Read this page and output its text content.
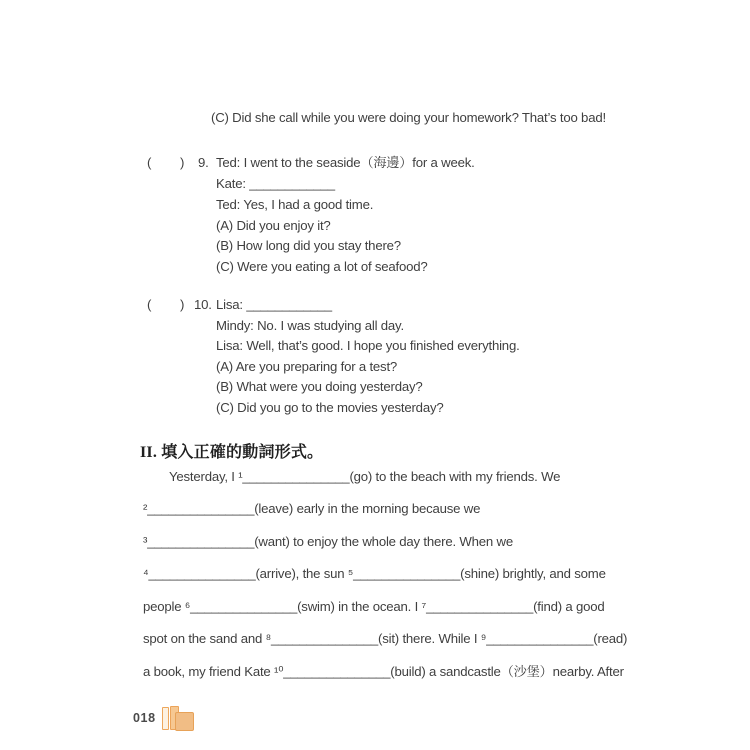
(C) Did she call while you were doing your homework? That’s too bad!
( ) 9. Ted: I went to the seaside（海邊）for a week.
Kate: ____________
Ted: Yes, I had a good time.
(A) Did you enjoy it?
(B) How long did you stay there?
(C) Were you eating a lot of seafood?
( ) 10. Lisa: ____________
Mindy: No. I was studying all day.
Lisa: Well, that’s good. I hope you finished everything.
(A) Are you preparing for a test?
(B) What were you doing yesterday?
(C) Did you go to the movies yesterday?
II. 填入正確的動詞形式。
Yesterday, I ¹_______________(go) to the beach with my friends. We
²_______________(leave) early in the morning because we
³_______________(want) to enjoy the whole day there. When we
⁴_______________(arrive), the sun ⁵_______________(shine) brightly, and some
people ⁶_______________(swim) in the ocean. I ⁷_______________(find) a good
spot on the sand and ⁸_______________(sit) there. While I ⁹_______________(read)
a book, my friend Kate ¹⁰_______________(build) a sandcastle（沙堡）nearby. After
018
